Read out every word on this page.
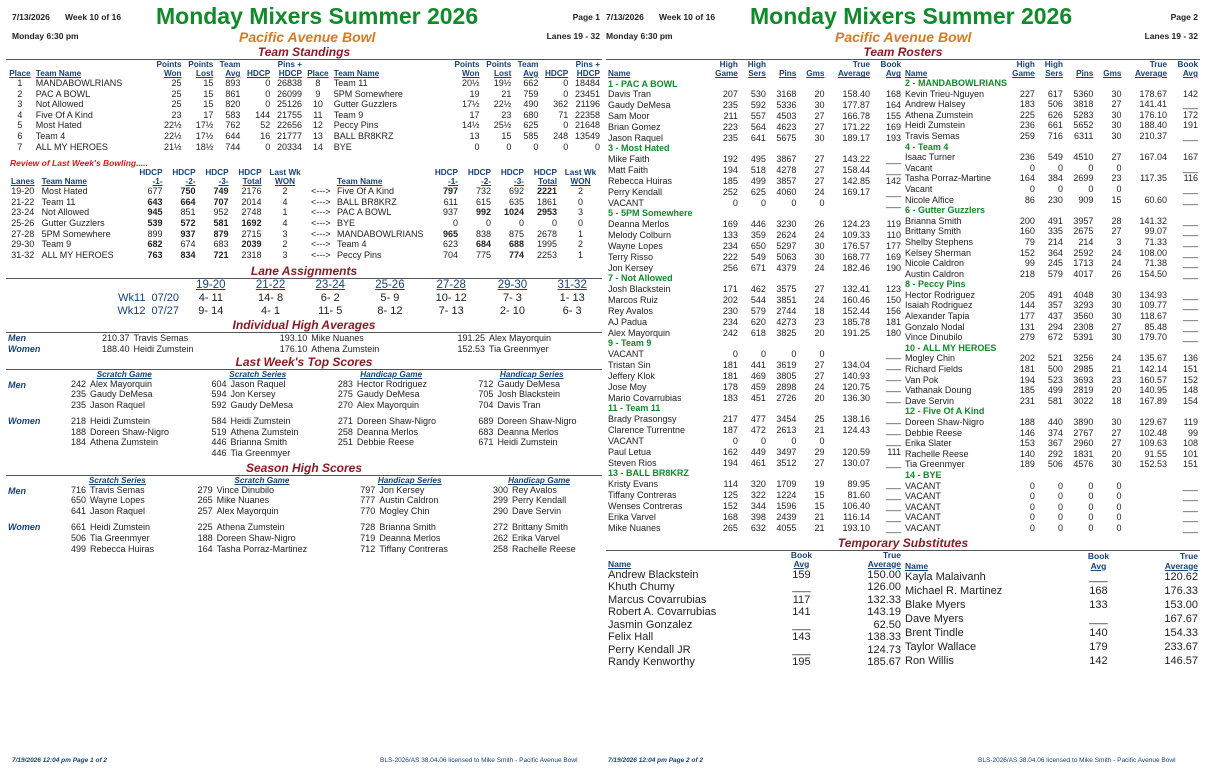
7/13/2026 Week 10 of 16 Monday Mixers Summer 2026	Page 1
Monday 6:30 pm	Pacific Avenue Bowl	Lanes 19 - 32
Team Standings
		Points	Points	Team		Pins +
Place	Team Name	Won	Lost	Avg	HDCP	HDCP
1	MANDABOWLRIANS	25	15	893	0	26838
2	PAC A BOWL	25	15	861	0	26099
3	Not Allowed	25	15	820	0	25126
4	Five Of A Kind	23	17	583	144	21755
5	Most Hated	22½	17½	762	52	22656
6	Team 4	22½	17½	644	16	21777
7	ALL MY HEROES	21½	18½	744	0	20334
		Points	Points	Team		Pins +
Place	Team Name	Won	Lost	Avg	HDCP	HDCP
8	Team 11	20½	19½	662	0	18484
9	5PM Somewhere	19	21	759	0	23451
10	Gutter Guzzlers	17½	22½	490	362	21196
11	Team 9	17	23	680	71	22358
12	Peccy Pins	14½	25½	625	0	21648
13	BALL BR8KRZ	13	15	585	248	13549
14	BYE	0	0	0	0	0
Review of Last Week's Bowling.....
		HDCP	HDCP	HDCP	HDCP	Last Wk			HDCP	HDCP	HDCP	HDCP	Last Wk
Lanes	Team Name	-1-	-2-	-3-	Total	WON		Team Name	-1-	-2-	-3-	Total	WON
19-20	Most Hated	677	750	749	2176	2	<--->	Five Of A Kind	797	732	692	2221	2
21-22	Team 11	643	664	707	2014	4	<--->	BALL BR8KRZ	611	615	635	1861	0
23-24	Not Allowed	945	851	952	2748	1	<--->	PAC A BOWL	937	992	1024	2953	3
25-26	Gutter Guzzlers	539	572	581	1692	4	<--->	BYE	0	0	0	0	0
27-28	5PM Somewhere	899	937	879	2715	3	<--->	MANDABOWLRIANS	965	838	875	2678	1
29-30	Team 9	682	674	683	2039	2	<--->	Team 4	623	684	688	1995	2
31-32	ALL MY HEROES	763	834	721	2318	3	<--->	Peccy Pins	704	775	774	2253	1
Lane Assignments
	19-20	21-22	23-24	25-26	27-28	29-30	31-32
Wk11 07/20	4- 11	14- 8	6- 2	5- 9	10- 12	7- 3	1- 13
Wk12 07/27	9- 14	4- 1	11- 5	8- 12	7- 13	2- 10	6- 3
Individual High Averages
Men	210.37	Travis Semas	193.10	Mike Nuanes	191.25	Alex Mayorquin
Women	188.40	Heidi Zumstein	176.10	Athena Zumstein	152.53	Tia Greenmyer
Last Week's Top Scores
	Scratch Game		Scratch Series		Handicap Game		Handicap Series	
Men	242	Alex Mayorquin	604	Jason Raquel	283	Hector Rodriguez	712	Gaudy DeMesa
	235	Gaudy DeMesa	594	Jon Kersey	275	Gaudy DeMesa	705	Josh Blackstein
	235	Jason Raquel	592	Gaudy DeMesa	270	Alex Mayorquin	704	Davis Tran
Women	218	Heidi Zumstein	584	Heidi Zumstein	271	Doreen Shaw-Nigro	689	Doreen Shaw-Nigro
	188	Doreen Shaw-Nigro	519	Athena Zumstein	258	Deanna Merlos	683	Deanna Merlos
	184	Athena Zumstein	446	Brianna Smith	251	Debbie Reese	671	Heidi Zumstein
			446	Tia Greenmyer				
Season High Scores
	Scratch Series		Scratch Game		Handicap Series		Handicap Game	
Men	716	Travis Semas	279	Vince Dinubilo	797	Jon Kersey	300	Rey Avalos
	650	Wayne Lopes	265	Mike Nuanes	777	Austin Caldron	299	Perry Kendall
	641	Jason Raquel	257	Alex Mayorquin	770	Mogley Chin	290	Dave Servin
Women	661	Heidi Zumstein	225	Athena Zumstein	728	Brianna Smith	272	Brittany Smith
	506	Tia Greenmyer	188	Doreen Shaw-Nigro	719	Deanna Merlos	262	Erika Varvel
	499	Rebecca Huiras	164	Tasha Porraz-Martinez	712	Tiffany Contreras	258	Rachelle Reese
7/13/2026 Week 10 of 16 Monday Mixers Summer 2026	Page 2
Monday 6:30 pm	Pacific Avenue Bowl	Lanes 19 - 32
Team Rosters
	High	High			True	Book
Name	Game	Sers	Pins	Gms	Average	Avg
1 - PAC A BOWL						
Davis Tran	207	530	3168	20	158.40	168
Gaudy DeMesa	235	592	5336	30	177.87	164
Sam Moor	211	557	4503	27	166.78	155
Brian Gomez	223	564	4623	27	171.22	169
Jason Raquel	235	641	5675	30	189.17	193
3 - Most Hated						
Mike Faith	192	495	3867	27	143.22	___
Matt Faith	194	518	4278	27	158.44	___
Rebecca Huiras	185	499	3857	27	142.85	142
Perry Kendall	252	625	4060	24	169.17	___
VACANT	0	0	0	0		___
5 - 5PM Somewhere						
Deanna Merlos	169	446	3230	26	124.23	119
Melody Colburn	133	359	2624	24	109.33	110
Wayne Lopes	234	650	5297	30	176.57	177
Terry Risso	222	549	5063	30	168.77	169
Jon Kersey	256	671	4379	24	182.46	190
7 - Not Allowed						
Josh Blackstein	171	462	3575	27	132.41	123
Marcos Ruiz	202	544	3851	24	160.46	150
Rey Avalos	230	579	2744	18	152.44	156
AJ Padua	234	620	4273	23	185.78	181
Alex Mayorquin	242	618	3825	20	191.25	180
9 - Team 9						
VACANT	0	0	0	0		___
Tristan Sin	181	441	3619	27	134.04	___
Jeffery Klok	181	469	3805	27	140.93	___
Jose Moy	178	459	2898	24	120.75	___
Mario Covarrubias	183	451	2726	20	136.30	___
11 - Team 11						
Brady Prasongsy	217	477	3454	25	138.16	___
Clarence Turrentne	187	472	2613	21	124.43	___
VACANT	0	0	0	0		___
Paul Letua	162	449	3497	29	120.59	111
Steven Rios	194	461	3512	27	130.07	___
13 - BALL BR8KRZ						
Kristy Evans	114	320	1709	19	89.95	___
Tiffany Contreras	125	322	1224	15	81.60	___
Wenses Contreras	152	344	1596	15	106.40	___
Erika Varvel	168	398	2439	21	116.14	___
Mike Nuanes	265	632	4055	21	193.10	___
	High	High			True	Book
Name	Game	Sers	Pins	Gms	Average	Avg
2 - MANDABOWLRIANS						
Kevin Trieu-Nguyen	227	617	5360	30	178.67	142
Andrew Halsey	183	506	3818	27	141.41	___
Athena Zumstein	225	626	5283	30	176.10	172
Heidi Zumstein	236	661	5652	30	188.40	191
Travis Semas	259	716	6311	30	210.37	___
4 - Team 4						
Isaac Turner	236	549	4510	27	167.04	167
Vacant	0	0	0	0		___
Tasha Porraz-Martine	164	384	2699	23	117.35	116
Vacant	0	0	0	0		___
Nicole Alfice	86	230	909	15	60.60	___
6 - Gutter Guzzlers						
Brianna Smith	200	491	3957	28	141.32	___
Brittany Smith	160	335	2675	27	99.07	___
Shelby Stephens	79	214	214	3	71.33	___
Kelsey Sherman	152	364	2592	24	108.00	___
Nicole Caldron	99	245	1713	24	71.38	___
Austin Caldron	218	579	4017	26	154.50	___
8 - Peccy Pins						
Hector Rodriguez	205	491	4048	30	134.93	___
Isaiah Rodriguez	144	357	3293	30	109.77	___
Alexander Tapia	177	437	3560	30	118.67	___
Gonzalo Nodal	131	294	2308	27	85.48	___
Vince Dinubilo	279	672	5391	30	179.70	___
10 - ALL MY HEROES						
Mogley Chin	202	521	3256	24	135.67	136
Richard Fields	181	500	2985	21	142.14	151
Van Pok	194	523	3693	23	160.57	152
Vathanak Doung	185	499	2819	20	140.95	148
Dave Servin	231	581	3022	18	167.89	154
12 - Five Of A Kind						
Doreen Shaw-Nigro	188	440	3890	30	129.67	119
Debbie Reese	146	374	2767	27	102.48	99
Erika Slater	153	367	2960	27	109.63	108
Rachelle Reese	140	292	1831	20	91.55	101
Tia Greenmyer	189	506	4576	30	152.53	151
14 - BYE						
VACANT	0	0	0	0		___
VACANT	0	0	0	0		___
VACANT	0	0	0	0		___
VACANT	0	0	0	0		___
VACANT	0	0	0	0		___
Temporary Substitutes
	Book	True
Name	Avg	Average
Andrew Blackstein	159	150.00
Khuth Chumy	___	126.00
Marcus Covarrubias	117	132.33
Robert A. Covarrubias	141	143.19
Jasmin Gonzalez	___	62.50
Felix Hall	143	138.33
Perry Kendall JR	___	124.73
Randy Kenworthy	195	185.67
	Book	True
Name	Avg	Average
Kayla Malaivanh	___	120.62
Michael R. Martinez	168	176.33
Blake Myers	133	153.00
Dave Myers	___	167.67
Brent Tindle	140	154.33
Taylor Wallace	179	233.67
Ron Willis	142	146.57
7/19/2026 12:04 pm Page 1 of 2	BLS-2026/AS 38.04.06 licensed to Mike Smith - Pacific Avenue Bowl	7/19/2026 12:04 pm Page 2 of 2	BLS-2026/AS 38.04.06 licensed to Mike Smith - Pacific Avenue Bowl
